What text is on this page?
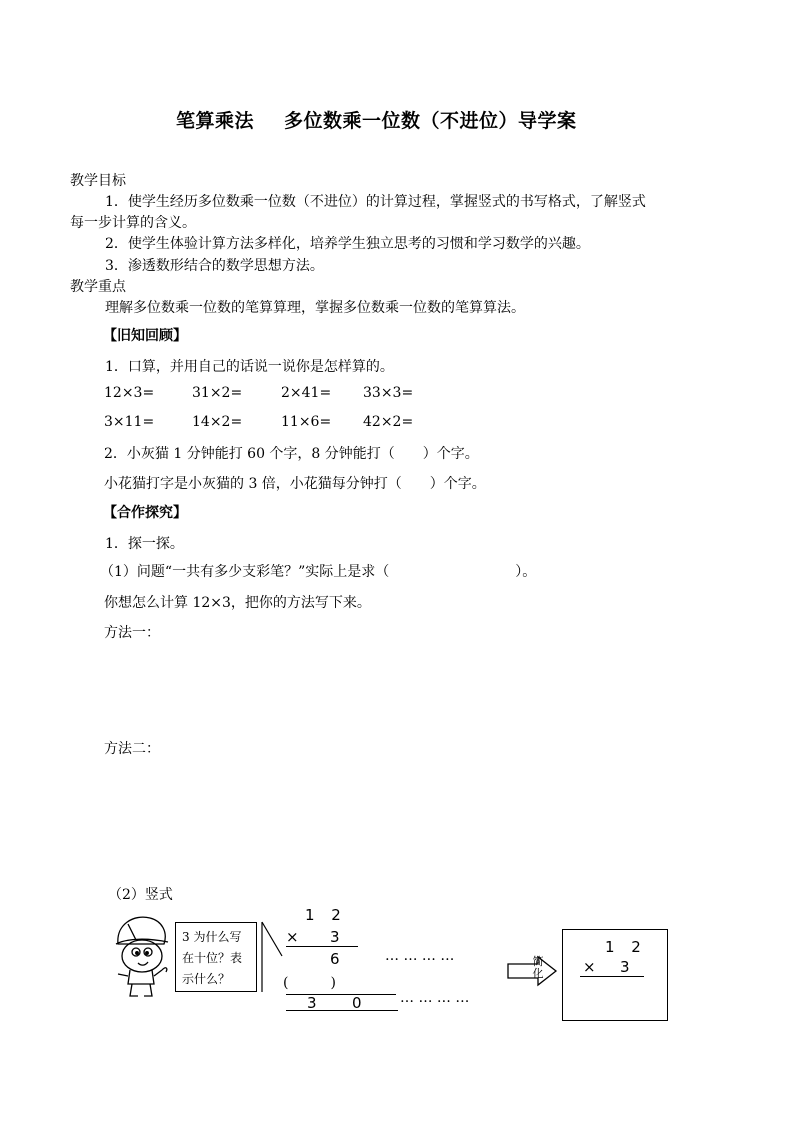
笔算乘法 多位数乘一位数（不进位）导学案
教学目标
1．使学生经历多位数乘一位数（不进位）的计算过程，掌握竖式的书写格式，了解竖式
每一步计算的含义。
2．使学生体验计算方法多样化，培养学生独立思考的习惯和学习数学的兴趣。
3．渗透数形结合的数学思想方法。
教学重点
理解多位数乘一位数的笔算算理，掌握多位数乘一位数的笔算算法。
【旧知回顾】
1．口算，并用自己的话说一说你是怎样算的。
12×3=	31×2=	2×41= 33×3=
3×11=	14×2=	11×6= 42×2=
2．小灰猫 1 分钟能打 60 个字，8 分钟能打（　　）个字。
小花猫打字是小灰猫的 3 倍，小花猫每分钟打（　　）个字。
【合作探究】
1．探一探。
（1）问题“一共有多少支彩笔？”实际上是求（　　　　　　　　　）。
你想怎么计算 12×3，把你的方法写下来。
方法一：
方法二：
（2）竖式
3 为什么写在十位？表示什么？
1 2
× 3
6
(　　　)
3 0
… … … …
… … … …
简化
1 2
× 3
